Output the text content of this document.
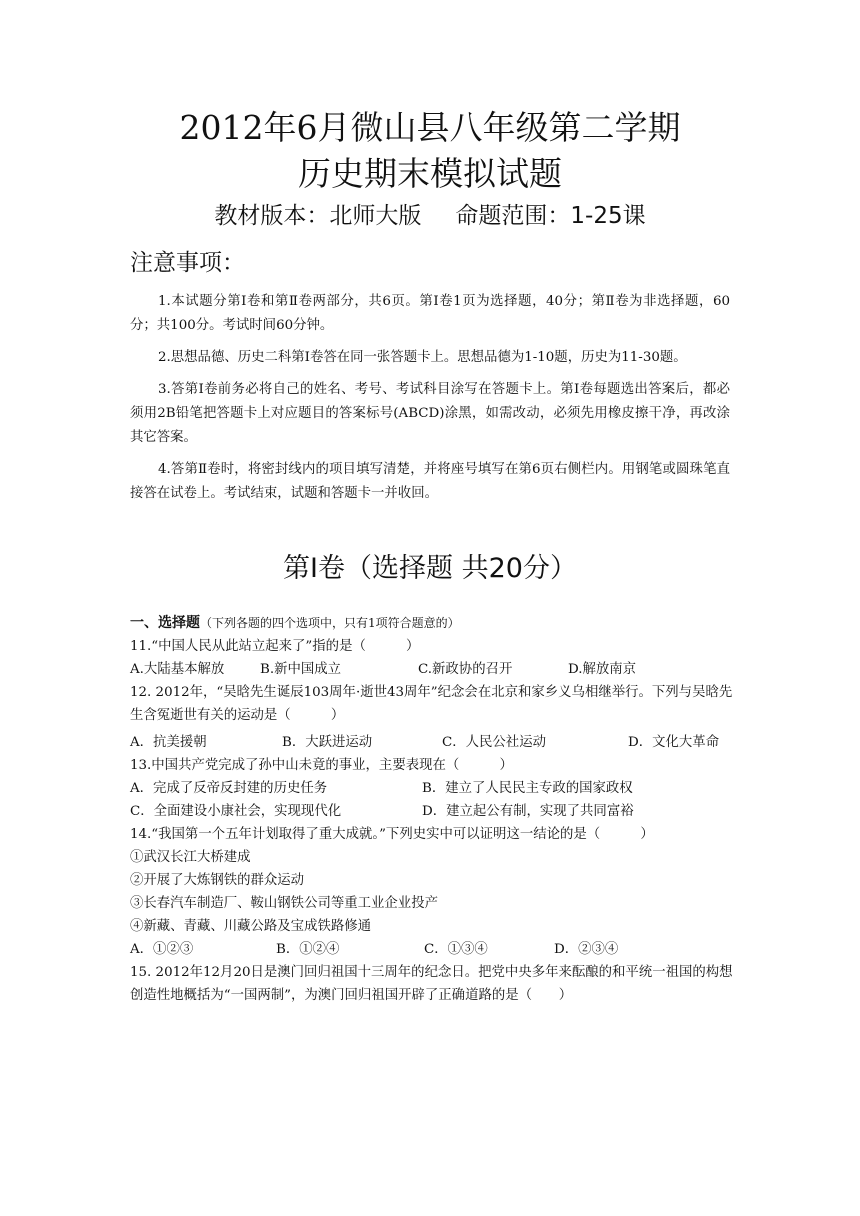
2012年6月微山县八年级第二学期
历史期末模拟试题
教材版本：北师大版 命题范围：1-25课
注意事项：

1.本试题分第Ⅰ卷和第Ⅱ卷两部分，共6页。第Ⅰ卷1页为选择题，40分；第Ⅱ卷为非选择题，60分；共100分。考试时间60分钟。

2.思想品德、历史二科第Ⅰ卷答在同一张答题卡上。思想品德为1-10题，历史为11-30题。

3.答第Ⅰ卷前务必将自己的姓名、考号、考试科目涂写在答题卡上。第Ⅰ卷每题选出答案后，都必须用2B铅笔把答题卡上对应题目的答案标号(ABCD)涂黑，如需改动，必须先用橡皮擦干净，再改涂其它答案。

4.答第Ⅱ卷时，将密封线内的项目填写清楚，并将座号填写在第6页右侧栏内。用钢笔或圆珠笔直接答在试卷上。考试结束，试题和答题卡一并收回。

第Ⅰ卷（选择题 共20分）
一、选择题（下列各题的四个选项中，只有1项符合题意的）

11.“中国人民从此站立起来了”指的是（　　　）

A.大陆基本解放	B.新中国成立	C.新政协的召开	D.解放南京

12. 2012年，“吴晗先生诞辰103周年·逝世43周年”纪念会在北京和家乡义乌相继举行。下列与吴晗先生含冤逝世有关的运动是（　　　）

A．抗美援朝	B．大跃进运动	C．人民公社运动	D．文化大革命

13.中国共产党完成了孙中山未竟的事业，主要表现在（　　　）

A．完成了反帝反封建的历史任务	B．建立了人民民主专政的国家政权
C．全面建设小康社会，实现现代化	D．建立起公有制，实现了共同富裕

14.“我国第一个五年计划取得了重大成就。”下列史实中可以证明这一结论的是（　　　）

①武汉长江大桥建成

②开展了大炼钢铁的群众运动

③长春汽车制造厂、鞍山钢铁公司等重工业企业投产

④新藏、青藏、川藏公路及宝成铁路修通

A．①②③	B．①②④	C．①③④	D．②③④

15. 2012年12月20日是澳门回归祖国十三周年的纪念日。把党中央多年来酝酿的和平统一祖国的构想创造性地概括为“一国两制”，为澳门回归祖国开辟了正确道路的是（　　）
